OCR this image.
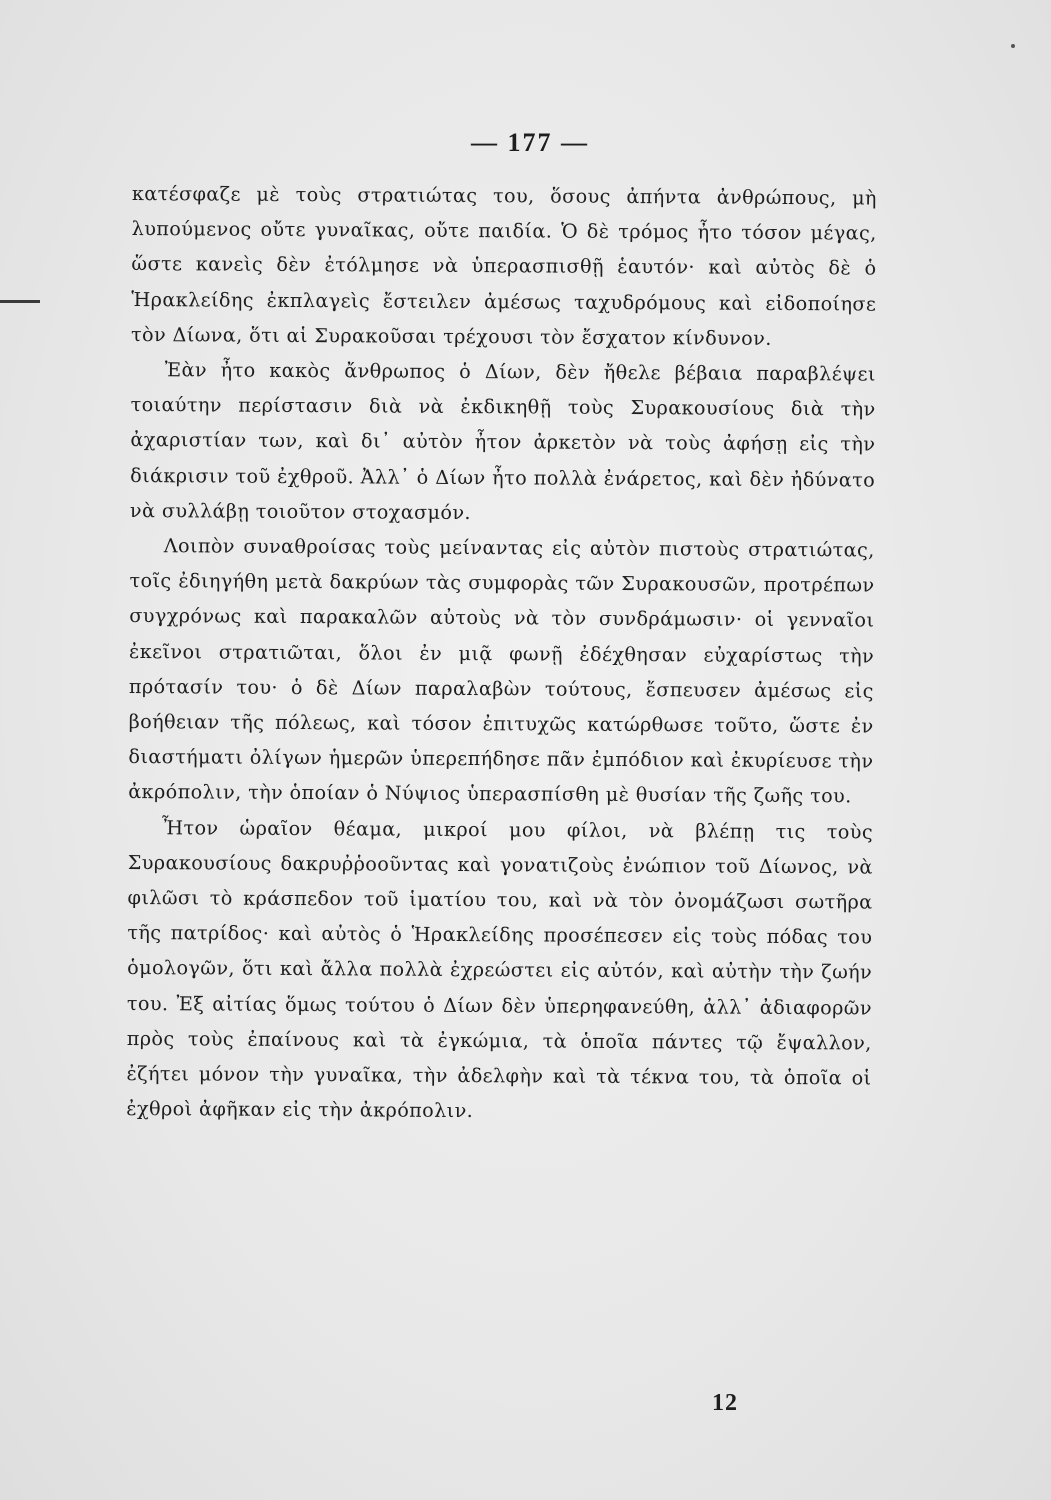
— 177 —

κατέσφαζε μὲ τοὺς στρατιώτας του, ὅσους ἀπήντα ἀνθρώπους, μὴ λυπούμενος οὔτε γυναῖκας, οὔτε παιδία. Ὁ δὲ τρόμος ἦτο τόσον μέγας, ὥστε κανεὶς δὲν ἐτόλμησε νὰ ὑπερασπισθῇ ἑαυτόν· καὶ αὐτὸς δὲ ὁ Ἡρακλείδης ἐκπλαγεὶς ἔστειλεν ἀμέσως ταχυδρόμους καὶ εἰδοποίησε τὸν Δίωνα, ὅτι αἱ Συρακοῦσαι τρέχουσι τὸν ἔσχατον κίνδυνον.

Ἐὰν ἦτο κακὸς ἄνθρωπος ὁ Δίων, δὲν ἤθελε βέβαια παραβλέψει τοιαύτην περίστασιν διὰ νὰ ἐκδικηθῇ τοὺς Συρακουσίους διὰ τὴν ἀχαριστίαν των, καὶ δι᾽ αὐτὸν ἦτον ἀρκετὸν νὰ τοὺς ἀφήσῃ εἰς τὴν διάκρισιν τοῦ ἐχθροῦ. Ἀλλ᾽ ὁ Δίων ἦτο πολλὰ ἐνάρετος, καὶ δὲν ἠδύνατο νὰ συλλάβῃ τοιοῦτον στοχασμόν.

Λοιπὸν συναθροίσας τοὺς μείναντας εἰς αὐτὸν πιστοὺς στρατιώτας, τοῖς ἐδιηγήθη μετὰ δακρύων τὰς συμφορὰς τῶν Συρακουσῶν, προτρέπων συγχρόνως καὶ παρακαλῶν αὐτοὺς νὰ τὸν συνδράμωσιν· οἱ γενναῖοι ἐκεῖνοι στρατιῶται, ὅλοι ἐν μιᾷ φωνῇ ἐδέχθησαν εὐχαρίστως τὴν πρότασίν του· ὁ δὲ Δίων παραλαβὼν τούτους, ἔσπευσεν ἀμέσως εἰς βοήθειαν τῆς πόλεως, καὶ τόσον ἐπιτυχῶς κατώρθωσε τοῦτο, ὥστε ἐν διαστήματι ὀλίγων ἡμερῶν ὑπερεπήδησε πᾶν ἐμπόδιον καὶ ἐκυρίευσε τὴν ἀκρόπολιν, τὴν ὁποίαν ὁ Νύψιος ὑπερασπίσθη μὲ θυσίαν τῆς ζωῆς του.

Ἦτον ὡραῖον θέαμα, μικροί μου φίλοι, νὰ βλέπῃ τις τοὺς Συρακουσίους δακρυῤῥοοῦντας καὶ γονατιζοὺς ἐνώπιον τοῦ Δίωνος, νὰ φιλῶσι τὸ κράσπεδον τοῦ ἱματίου του, καὶ νὰ τὸν ὀνομάζωσι σωτῆρα τῆς πατρίδος· καὶ αὐτὸς ὁ Ἡρακλείδης προσέπεσεν εἰς τοὺς πόδας του ὁμολογῶν, ὅτι καὶ ἄλλα πολλὰ ἐχρεώστει εἰς αὐτόν, καὶ αὐτὴν τὴν ζωήν του. Ἐξ αἰτίας ὅμως τούτου ὁ Δίων δὲν ὑπερηφανεύθη, ἀλλ᾽ ἀδιαφορῶν πρὸς τοὺς ἐπαίνους καὶ τὰ ἐγκώμια, τὰ ὁποῖα πάντες τῷ ἔψαλλον, ἐζήτει μόνον τὴν γυναῖκα, τὴν ἀδελφὴν καὶ τὰ τέκνα του, τὰ ὁποῖα οἱ ἐχθροὶ ἀφῆκαν εἰς τὴν ἀκρόπολιν.

12
